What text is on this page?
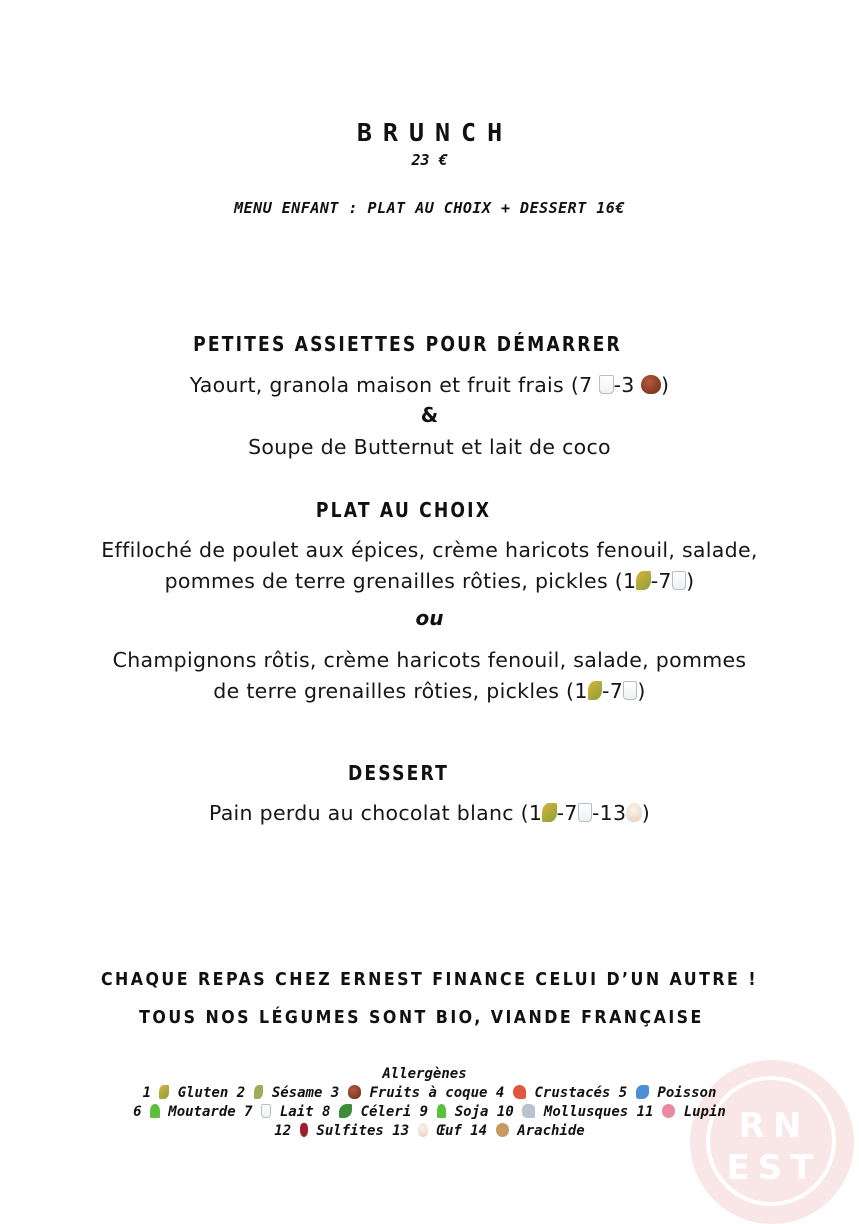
BRUNCH
23 €
MENU ENFANT : PLAT AU CHOIX + DESSERT 16€
PETITES ASSIETTES POUR DÉMARRER
Yaourt, granola maison et fruit frais (7 -3 )
&
Soupe de Butternut et lait de coco
PLAT AU CHOIX
Effiloché de poulet aux épices, crème haricots fenouil, salade,
pommes de terre grenailles rôties, pickles (1 -7 )
ou
Champignons rôtis, crème haricots fenouil, salade, pommes
de terre grenailles rôties, pickles (1 -7 )
DESSERT
Pain perdu au chocolat blanc (1 -7 -13 )
CHAQUE REPAS CHEZ ERNEST FINANCE CELUI D’UN AUTRE !
TOUS NOS LÉGUMES SONT BIO, VIANDE FRANÇAISE
RN
EST
Allergènes
1 Gluten 2 Sésame 3 Fruits à coque 4 Crustacés 5 Poisson
6 Moutarde 7 Lait 8 Céleri 9 Soja 10 Mollusques 11 Lupin
12 Sulfites 13 Œuf 14 Arachide
